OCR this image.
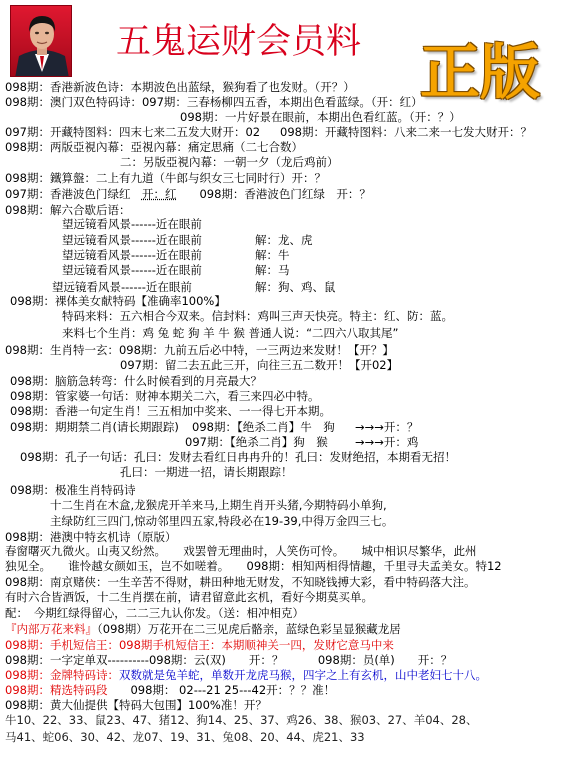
五鬼运财会员料 正版
098期：香港新波色诗：本期波色出蓝绿，猴狗看了也发财。（开？）
098期：澳门双色特码诗：097期：三春杨柳四五香，本期出色看蓝绿。（开：红）
098期：一片好景在眼前，本期出色看红蓝。（开：？）
097期：开藏特图料：四末七来二五发大财开：02 098期：开藏特图料：八来二来一七发大财开：？
098期：两版亞視內幕：亞視內幕：痛定思痛（二七合数）
二：另版亞視內幕：一朝一夕（龙后鸡前）
098期：鐵算盤：二上有九道（牛郎与织女三七同时行）开：？
097期：香港波色门绿红　开：红　　098期：香港波色门红绿　开：？
098期：解六合歇后语：
望远镜看风景------近在眼前
望远镜看风景------近在眼前	解：龙、虎
望远镜看风景------近在眼前	解：牛
望远镜看风景------近在眼前	解：马
望远镜看风景------近在眼前	解：狗、鸡、鼠
098期：裸体美女献特码【准确率100%】
特码来料：五六相合今双来。信封料：鸡叫三声天快亮。特主：红、防：蓝。
来料七个生肖：鸡 兔 蛇 狗 羊 牛 猴 普通人说：“二四六八取其尾”
098期：生肖特一玄：098期：九前五后必中特，一三两边来发财！【开？】
097期：留二去五此三开，向往三五二数开！【开02】
098期：脑筋急转弯：什么时候看到的月亮最大？
098期：管家婆一句话：财神本期关二六，看三来四必中特。
098期：香港一句定生肖！三五相加中奖来、一一得七开本期。
098期：期期禁二肖(请长期跟踪) 098期：【绝杀二肖】牛　狗 →→→开：？
097期：【绝杀二肖】狗　猴 →→→开：鸡
098期：孔子一句话：孔曰：发财去看红日冉冉升的！孔曰：发财绝招，本期看无招！
孔曰：一期进一招，请长期跟踪！
098期：极准生肖特码诗
十二生肖在木盒,龙猴虎开羊来马,上期生肖开头猪,今期特码小单狗,
主绿防红三四门,惊动邻里四五家,特段必在19-39,中得万金四三七。
098期：港澳中特玄机诗（原版）
春窗曙灭九微火。山夷又纷然。　　戏罢曾无理曲时，人笑伤可怜。　　城中相识尽繁华，此州
独见全。　　谁怜越女颜如玉，岂不如嗟着。　　098期：相知两相得情趣，千里寻夫孟美女。特12
098期：南京赌侠：一生辛苦不得财，耕田种地无财发，不知晓钱搏大彩，看中特码落大注。
有时六合皆酒饭，十二生肖摆在前，请君留意此玄机，看好今期莫买单。
配：　今期红绿得留心，二二三九认你发。（送：相冲相克）
『内部万花来料』（098期）万花开在二三见虎后骼亲，蓝绿色彩呈显猴藏龙居
098期：手机短信王：098期手机短信王：本期顺神关一四，发财它意马中来
098期：一字定单双----------098期：云(双)　　开：？　　　098期：员(单)　　开：？
098期：金牌特码诗：双数就是兔羊蛇，单数开龙虎马猴，四字之上有玄机，山中老妇七十八。
098期：精选特码段　　098期： 02---21 25---42开：？？准！
098期：黄大仙提供【特码大包围】100%准！开？
牛10、22、33、鼠23、47、猪12、狗14、25、37、鸡26、38、猴03、27、羊04、28、
马41、蛇06、30、42、龙07、19、31、兔08、20、44、虎21、33
